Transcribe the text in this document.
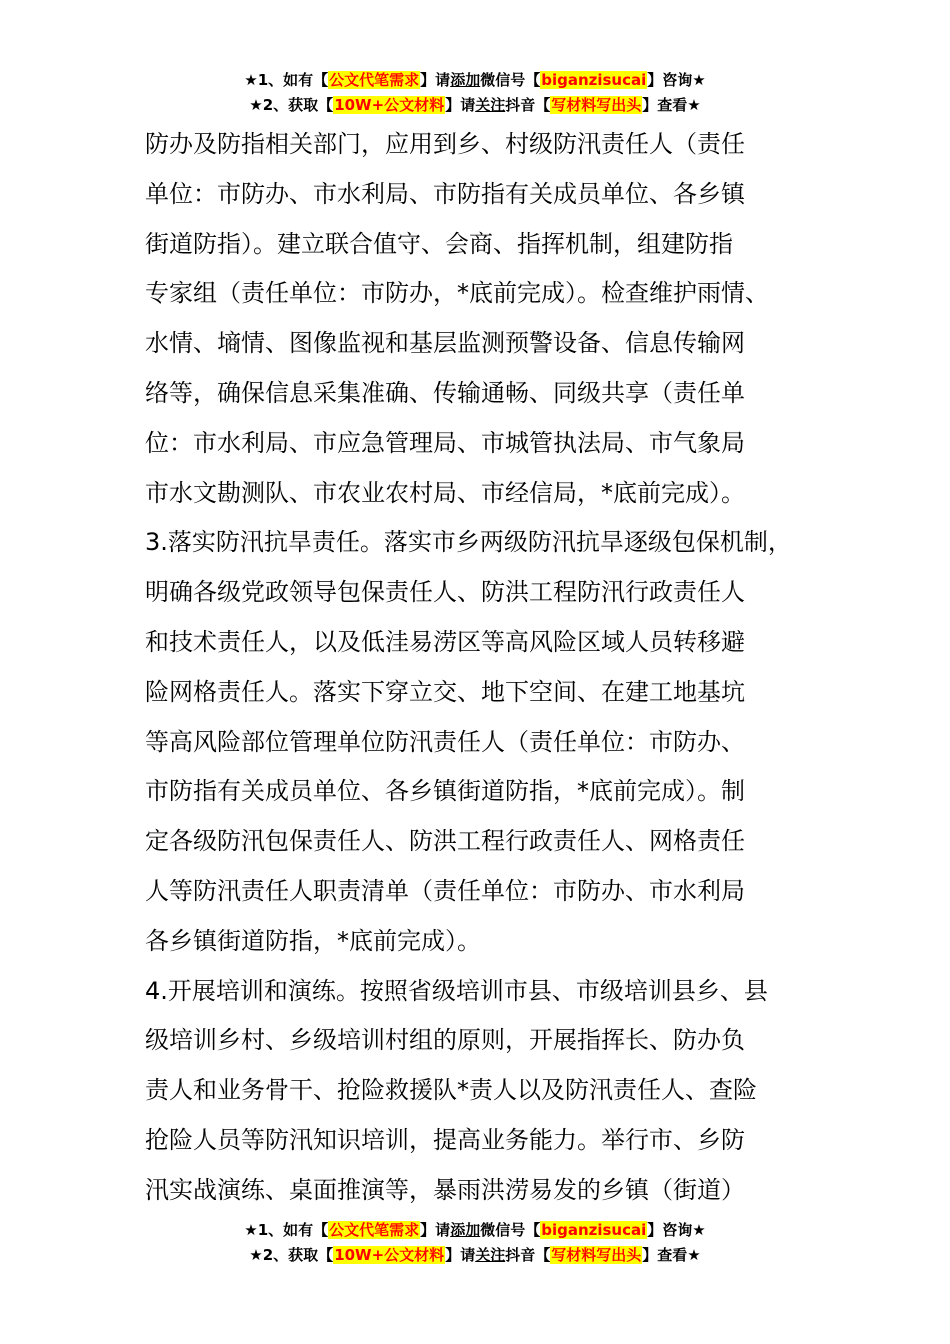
★1、如有【公文代笔需求】请添加微信号【biganzisucai】咨询★
★2、获取【10W+公文材料】请关注抖音【写材料写出头】查看★
防办及防指相关部门，应用到乡、村级防汛责任人（责任
单位：市防办、市水利局、市防指有关成员单位、各乡镇
街道防指）。建立联合值守、会商、指挥机制，组建防指
专家组（责任单位：市防办，*底前完成）。检查维护雨情、
水情、墒情、图像监视和基层监测预警设备、信息传输网
络等，确保信息采集准确、传输通畅、同级共享（责任单
位：市水利局、市应急管理局、市城管执法局、市气象局
市水文勘测队、市农业农村局、市经信局，*底前完成）。
3.落实防汛抗旱责任。落实市乡两级防汛抗旱逐级包保机制，
明确各级党政领导包保责任人、防洪工程防汛行政责任人
和技术责任人，以及低洼易涝区等高风险区域人员转移避
险网格责任人。落实下穿立交、地下空间、在建工地基坑
等高风险部位管理单位防汛责任人（责任单位：市防办、
市防指有关成员单位、各乡镇街道防指，*底前完成）。制
定各级防汛包保责任人、防洪工程行政责任人、网格责任
人等防汛责任人职责清单（责任单位：市防办、市水利局
各乡镇街道防指，*底前完成）。
4.开展培训和演练。按照省级培训市县、市级培训县乡、县
级培训乡村、乡级培训村组的原则，开展指挥长、防办负
责人和业务骨干、抢险救援队*责人以及防汛责任人、查险
抢险人员等防汛知识培训，提高业务能力。举行市、乡防
汛实战演练、桌面推演等，暴雨洪涝易发的乡镇（街道）
★1、如有【公文代笔需求】请添加微信号【biganzisucai】咨询★
★2、获取【10W+公文材料】请关注抖音【写材料写出头】查看★
